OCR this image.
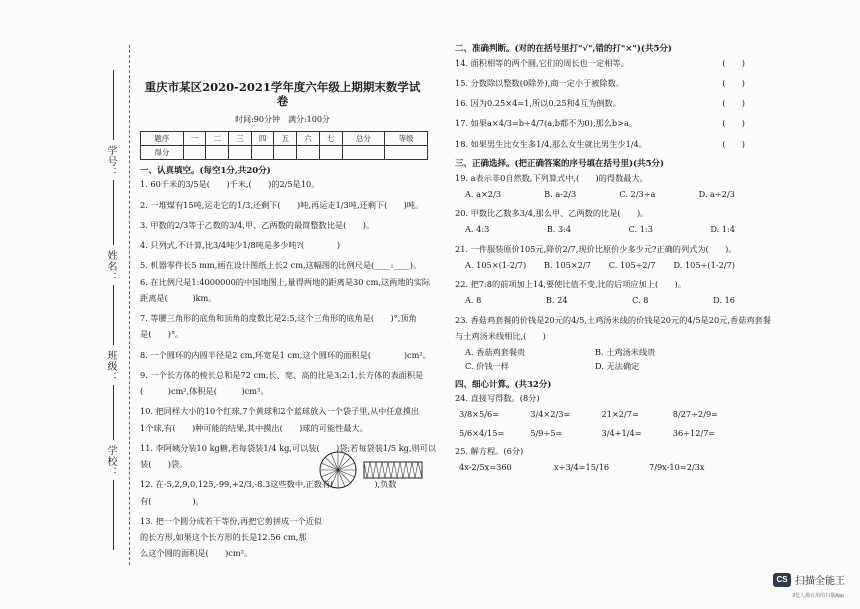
学号：
姓名：
班级：
学校：
重庆市某区2020-2021学年度六年级上期期末数学试卷
时间:90分钟　满分:100分
题序	一	二	三	四	五	六	七	总分	等级
得分									
一、认真填空。(每空1分,共20分)
1. 60千米的3/5是(　　)千米,(　　)的2/5是10。
2. 一堆煤有15吨,运走它的1/3,还剩下(　　)吨,再运走1/3吨,还剩下(　　)吨。
3. 甲数的2/3等于乙数的3/4,甲、乙两数的最简整数比是(　　)。
4. 只列式,不计算,比3/4吨少1/8吨是多少吨?(　　　　)
5. 机器零件长5 mm,画在设计图纸上长2 cm,这幅图的比例尺是(____:____)。
6. 在比例尺是1:4000000的中国地图上,量得两地的距离是30 cm,这两地的实际
距离是(　　　)km。
7. 等腰三角形的底角和顶角的度数比是2:5,这个三角形的底角是(　　)°,顶角
是(　　)°。
8. 一个圆环的内圆半径是2 cm,环宽是1 cm,这个圆环的面积是(　　　　)cm²。
9. 一个长方体的棱长总和是72 cm,长、宽、高的比是3:2:1,长方体的表面积是
(　　　)cm²,体积是(　　　)cm³。
10. 把同样大小的10个红球,7个黄球和2个蓝球放入一个袋子里,从中任意摸出
1个球,有(　　)种可能的结果,其中摸出(　　)球的可能性最大。
11. 李阿姨分装10 kg糖,若每袋装1/4 kg,可以装(　　)袋;若每袋装1/5 kg,则可以
装(　　)袋。
12. 在-5,2,9,0,125,-99,+2/3,-8.3这些数中,正数有(　　　　　),负数
有(　　　　　)。
13. 把一个圆分成若干等份,再把它剪拼成一个近似
的长方形,如果这个长方形的长是12.56 cm,那
么这个圆的面积是(　　)cm²。
二、准确判断。(对的在括号里打"√",错的打"×")(共5分)
14. 面积相等的两个圆,它们的周长也一定相等。	(　　)
15. 分数除以整数(0除外),商一定小于被除数。	(　　)
16. 因为0.25×4=1,所以0.25和4互为倒数。	(　　)
17. 如果a×4/3=b÷4/7(a,b都不为0),那么b>a。	(　　)
18. 如果男生比女生多1/4,那么女生就比男生少1/4。	(　　)
三、正确选择。(把正确答案的序号填在括号里)(共5分)
19. a表示非0自然数,下列算式中,(　　)的得数最大。
A. a×2/3	B. a-2/3	C. 2/3÷a	D. a÷2/3
20. 甲数比乙数多3/4,那么甲、乙两数的比是(　　)。
A. 4:3	B. 3:4	C. 1:3	D. 1:4
21. 一件服装原价105元,降价2/7,现价比原价少多少元?正确的列式为(　　)。
A. 105×(1-2/7) B. 105×2/7 C. 105÷2/7 D. 105÷(1-2/7)
22. 把7:8的前项加上14,要使比值不变,比的后项应加上(　　)。
A. 8	B. 24	C. 8	D. 16
23. 香菇鸡套餐的价钱是20元的4/5,土鸡汤米线的价钱是20元的4/5是20元,香菇鸡套餐
与土鸡汤米线相比,(　　)
A. 香菇鸡套餐贵	B. 土鸡汤米线贵
C. 价钱一样	D. 无法确定
四、细心计算。(共32分)
24. 直接写得数。(8分)
3/8×5/6=	3/4×2/3=	21×2/7=	8/27÷2/9=
5/6×4/15=	5/9÷5=	3/4+1/4=	36÷12/7=
25. 解方程。(6分)
4x-2/5x=360	x÷3/4=15/16	7/9x-10=2/3x
CS 扫描全能王
3亿人都在用的扫描App
